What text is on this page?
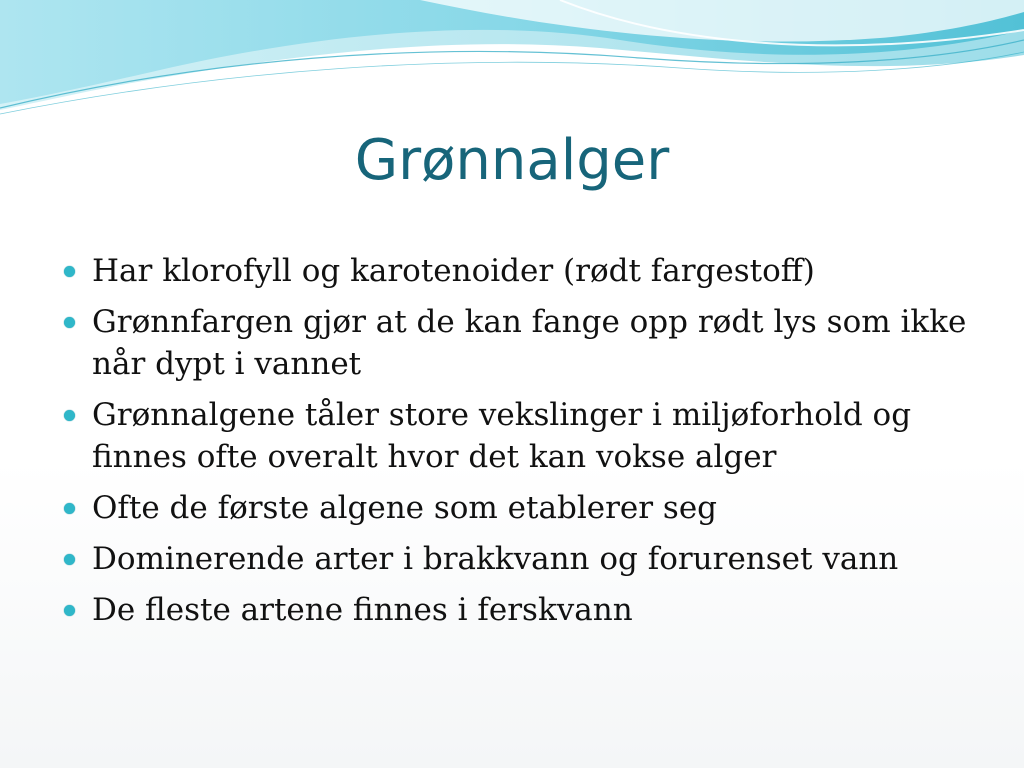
Grønnalger
Har klorofyll og karotenoider (rødt fargestoff)
Grønnfargen gjør at de kan fange opp rødt lys som ikke når dypt i vannet
Grønnalgene tåler store vekslinger i miljøforhold og finnes ofte overalt hvor det kan vokse alger
Ofte de første algene som etablerer seg
Dominerende arter i brakkvann og forurenset vann
De fleste artene finnes i ferskvann
